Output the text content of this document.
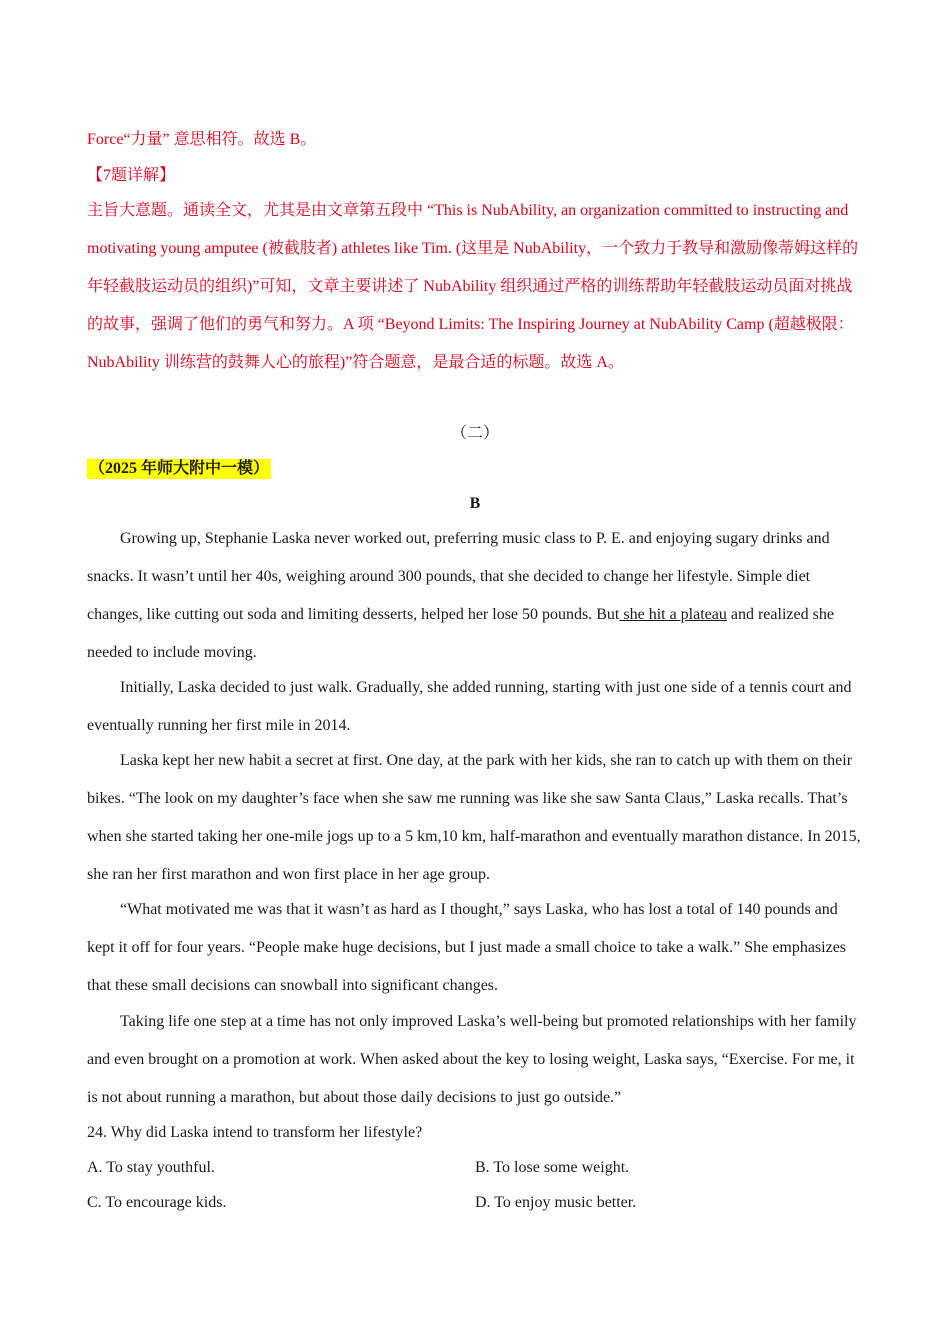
Force“力量” 意思相符。故选 B。
【7题详解】
主旨大意题。通读全文，尤其是由文章第五段中 “This is NubAbility, an organization committed to instructing and motivating young amputee (被截肢者) athletes like Tim. (这里是 NubAbility，一个致力于教导和激励像蒂姆这样的年轻截肢运动员的组织)”可知，文章主要讲述了 NubAbility 组织通过严格的训练帮助年轻截肢运动员面对挑战的故事，强调了他们的勇气和努力。A 项 “Beyond Limits: The Inspiring Journey at NubAbility Camp (超越极限：NubAbility 训练营的鼓舞人心的旅程)”符合题意，是最合适的标题。故选 A。
（二）
（2025 年师大附中一模）
B
Growing up, Stephanie Laska never worked out, preferring music class to P. E. and enjoying sugary drinks and snacks. It wasn’t until her 40s, weighing around 300 pounds, that she decided to change her lifestyle. Simple diet changes, like cutting out soda and limiting desserts, helped her lose 50 pounds. But she hit a plateau and realized she needed to include moving.
Initially, Laska decided to just walk. Gradually, she added running, starting with just one side of a tennis court and eventually running her first mile in 2014.
Laska kept her new habit a secret at first. One day, at the park with her kids, she ran to catch up with them on their bikes. “The look on my daughter’s face when she saw me running was like she saw Santa Claus,” Laska recalls. That’s when she started taking her one-mile jogs up to a 5 km,10 km, half-marathon and eventually marathon distance. In 2015, she ran her first marathon and won first place in her age group.
“What motivated me was that it wasn’t as hard as I thought,” says Laska, who has lost a total of 140 pounds and kept it off for four years. “People make huge decisions, but I just made a small choice to take a walk.” She emphasizes that these small decisions can snowball into significant changes.
Taking life one step at a time has not only improved Laska’s well-being but promoted relationships with her family and even brought on a promotion at work. When asked about the key to losing weight, Laska says, “Exercise. For me, it is not about running a marathon, but about those daily decisions to just go outside.”
24. Why did Laska intend to transform her lifestyle?
A. To stay youthful.	B. To lose some weight.
C. To encourage kids.	D. To enjoy music better.
